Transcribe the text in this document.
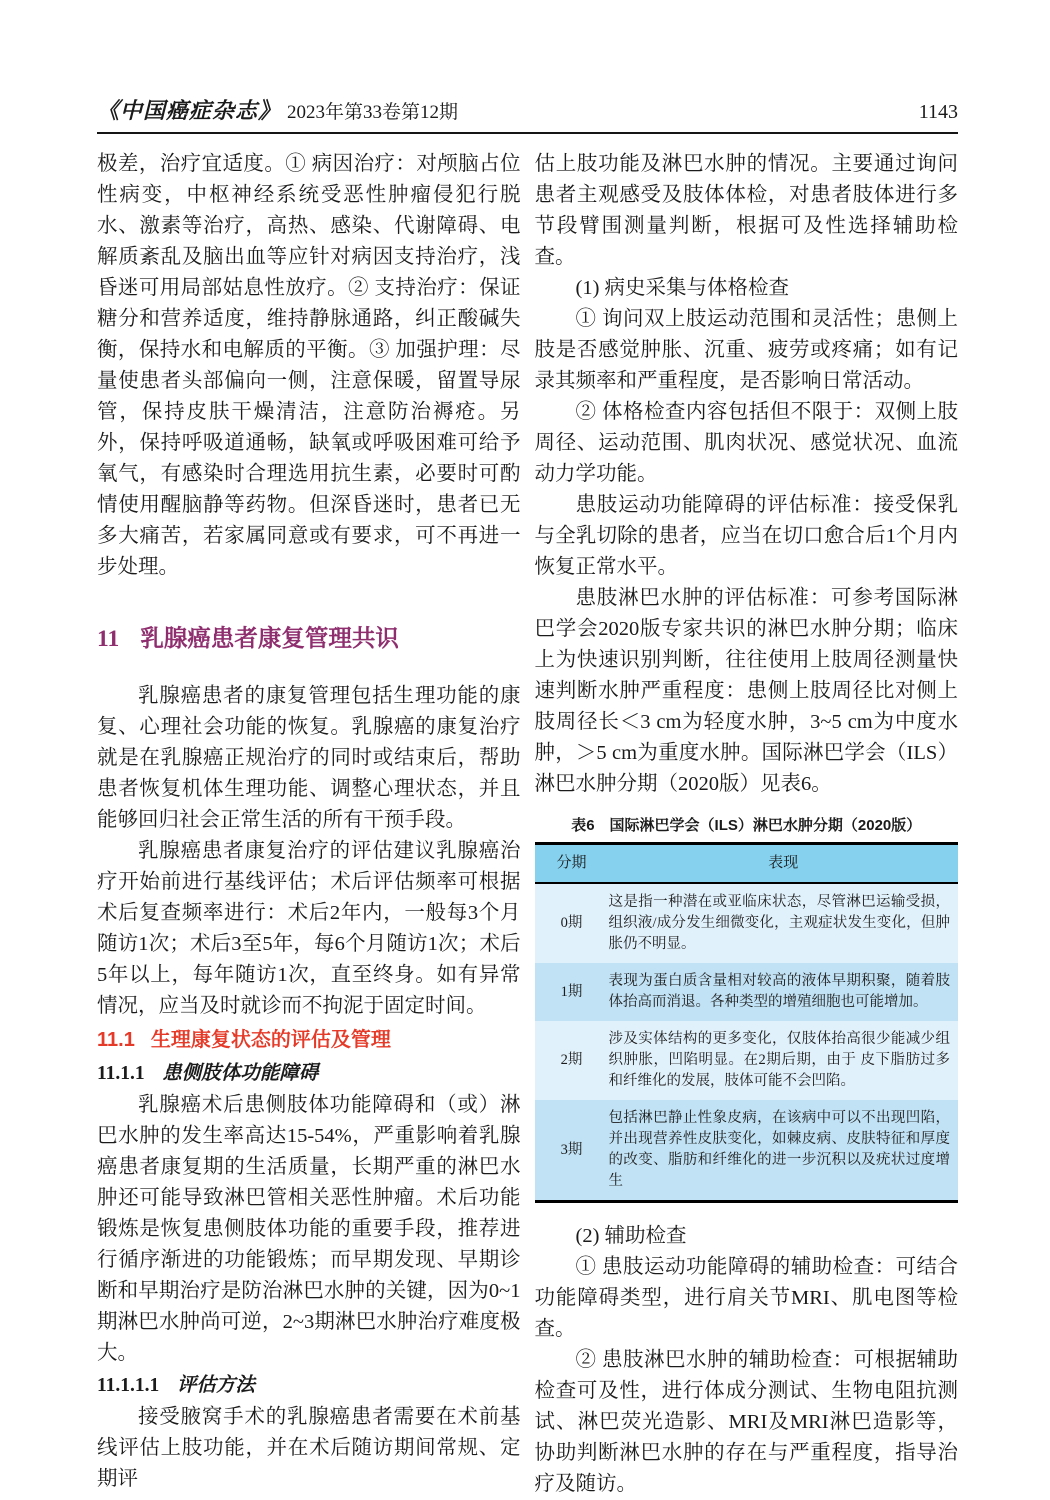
《中国癌症杂志》 2023年第33卷第12期	1143

极差，治疗宜适度。① 病因治疗：对颅脑占位性病变，中枢神经系统受恶性肿瘤侵犯行脱水、激素等治疗，高热、感染、代谢障碍、电解质紊乱及脑出血等应针对病因支持治疗，浅昏迷可用局部姑息性放疗。② 支持治疗：保证糖分和营养适度，维持静脉通路，纠正酸碱失衡，保持水和电解质的平衡。③ 加强护理：尽量使患者头部偏向一侧，注意保暖，留置导尿管，保持皮肤干燥清洁，注意防治褥疮。另外，保持呼吸道通畅，缺氧或呼吸困难可给予氧气，有感染时合理选用抗生素，必要时可酌情使用醒脑静等药物。但深昏迷时，患者已无多大痛苦，若家属同意或有要求，可不再进一步处理。

11 乳腺癌患者康复管理共识

乳腺癌患者的康复管理包括生理功能的康复、心理社会功能的恢复。乳腺癌的康复治疗就是在乳腺癌正规治疗的同时或结束后，帮助患者恢复机体生理功能、调整心理状态，并且能够回归社会正常生活的所有干预手段。

乳腺癌患者康复治疗的评估建议乳腺癌治疗开始前进行基线评估；术后评估频率可根据术后复查频率进行：术后2年内，一般每3个月随访1次；术后3至5年，每6个月随访1次；术后5年以上，每年随访1次，直至终身。如有异常情况，应当及时就诊而不拘泥于固定时间。

11.1 生理康复状态的评估及管理
11.1.1 患侧肢体功能障碍

乳腺癌术后患侧肢体功能障碍和（或）淋巴水肿的发生率高达15-54%，严重影响着乳腺癌患者康复期的生活质量，长期严重的淋巴水肿还可能导致淋巴管相关恶性肿瘤。术后功能锻炼是恢复患侧肢体功能的重要手段，推荐进行循序渐进的功能锻炼；而早期发现、早期诊断和早期治疗是防治淋巴水肿的关键，因为0~1期淋巴水肿尚可逆，2~3期淋巴水肿治疗难度极大。

11.1.1.1 评估方法

接受腋窝手术的乳腺癌患者需要在术前基线评估上肢功能，并在术后随访期间常规、定期评

估上肢功能及淋巴水肿的情况。主要通过询问患者主观感受及肢体体检，对患者肢体进行多节段臂围测量判断，根据可及性选择辅助检查。

(1) 病史采集与体格检查

① 询问双上肢运动范围和灵活性；患侧上肢是否感觉肿胀、沉重、疲劳或疼痛；如有记录其频率和严重程度，是否影响日常活动。

② 体格检查内容包括但不限于：双侧上肢周径、运动范围、肌肉状况、感觉状况、血流动力学功能。

患肢运动功能障碍的评估标准：接受保乳与全乳切除的患者，应当在切口愈合后1个月内恢复正常水平。

患肢淋巴水肿的评估标准：可参考国际淋巴学会2020版专家共识的淋巴水肿分期；临床上为快速识别判断，往往使用上肢周径测量快速判断水肿严重程度：患侧上肢周径比对侧上肢周径长＜3 cm为轻度水肿，3~5 cm为中度水肿，＞5 cm为重度水肿。国际淋巴学会（ILS）淋巴水肿分期（2020版）见表6。

表6　国际淋巴学会（ILS）淋巴水肿分期（2020版）
分期	表现
0期	这是指一种潜在或亚临床状态，尽管淋巴运输受损，组织液/成分发生细微变化，主观症状发生变化，但肿胀仍不明显。
1期	表现为蛋白质含量相对较高的液体早期积聚，随着肢体抬高而消退。各种类型的增殖细胞也可能增加。
2期	涉及实体结构的更多变化，仅肢体抬高很少能减少组织肿胀，凹陷明显。在2期后期，由于 皮下脂肪过多和纤维化的发展，肢体可能不会凹陷。
3期	包括淋巴静止性象皮病，在该病中可以不出现凹陷，并出现营养性皮肤变化，如棘皮病、皮肤特征和厚度的改变、脂肪和纤维化的进一步沉积以及疣状过度增生

(2) 辅助检查

① 患肢运动功能障碍的辅助检查：可结合功能障碍类型，进行肩关节MRI、肌电图等检查。

② 患肢淋巴水肿的辅助检查：可根据辅助检查可及性，进行体成分测试、生物电阻抗测试、淋巴荧光造影、MRI及MRI淋巴造影等，协助判断淋巴水肿的存在与严重程度，指导治疗及随访。
